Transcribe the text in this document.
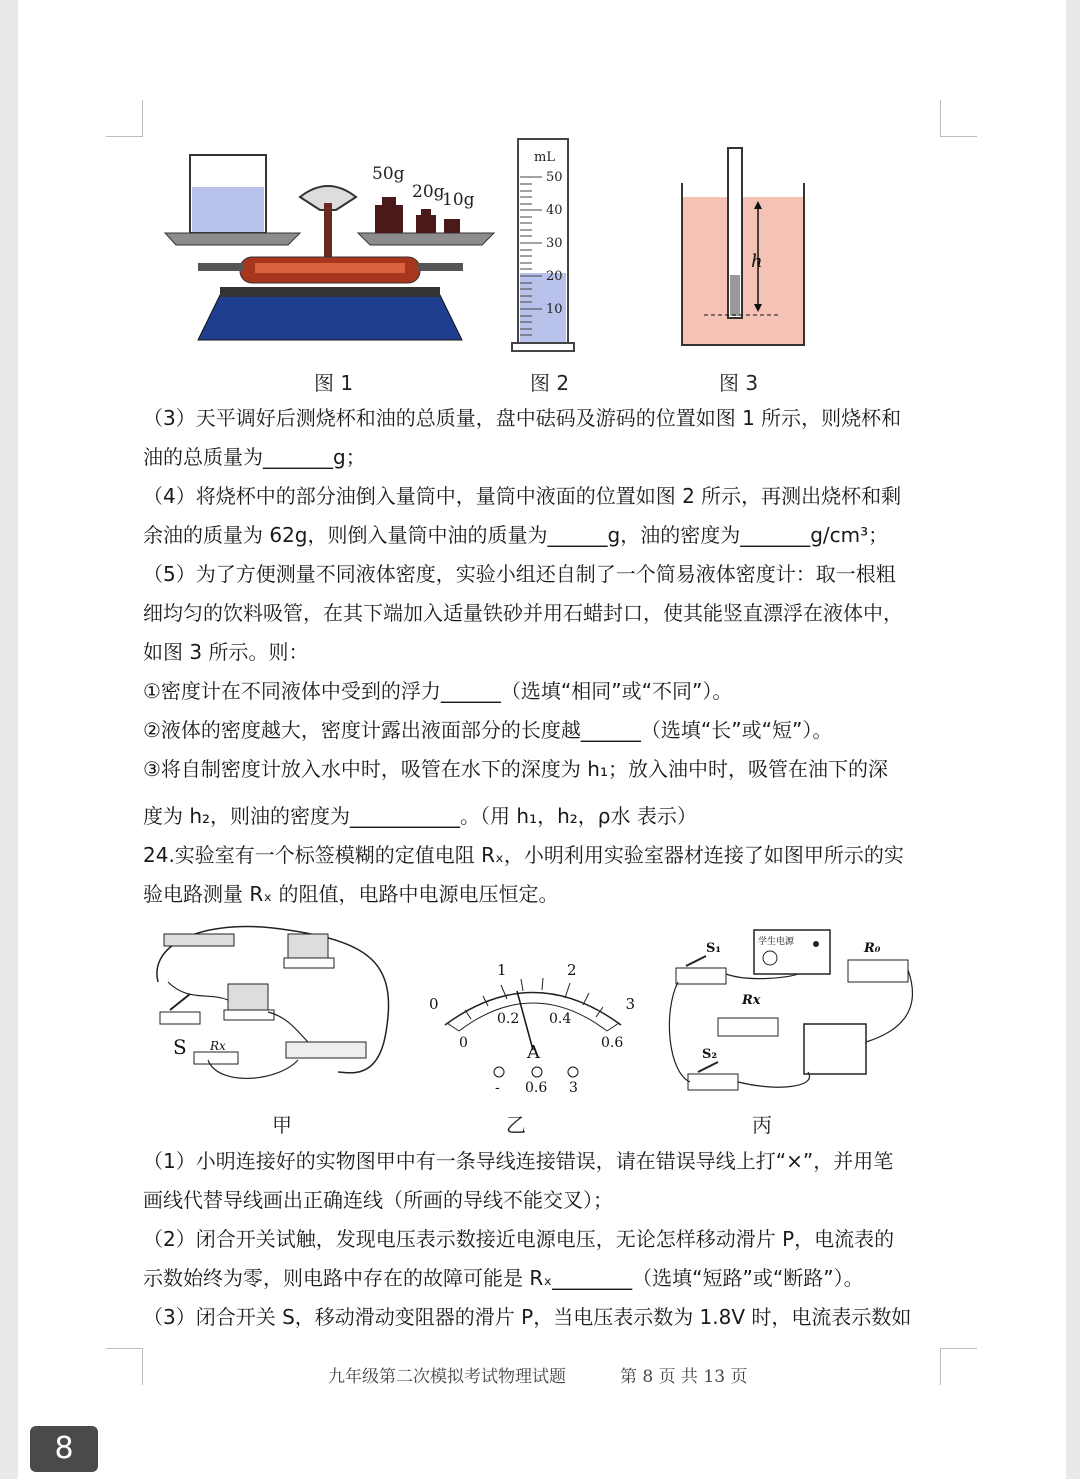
50g
20g
10g
mL
50
40
30
20
10
h
图 1	图 2	图 3
（3）天平调好后测烧杯和油的总质量，盘中砝码及游码的位置如图 1 所示，则烧杯和
油的总质量为_______g；
（4）将烧杯中的部分油倒入量筒中，量筒中液面的位置如图 2 所示，再测出烧杯和剩
余油的质量为 62g，则倒入量筒中油的质量为______g，油的密度为_______g/cm³；
（5）为了方便测量不同液体密度，实验小组还自制了一个简易液体密度计：取一根粗
细均匀的饮料吸管，在其下端加入适量铁砂并用石蜡封口，使其能竖直漂浮在液体中，
如图 3 所示。则：
①密度计在不同液体中受到的浮力______（选填“相同”或“不同”）。
②液体的密度越大，密度计露出液面部分的长度越______（选填“长”或“短”）。
③将自制密度计放入水中时，吸管在水下的深度为 h₁；放入油中时，吸管在油下的深
度为 h₂，则油的密度为___________。（用 h₁，h₂，ρ水 表示）
24.实验室有一个标签模糊的定值电阻 Rₓ，小明利用实验室器材连接了如图甲所示的实
验电路测量 Rₓ 的阻值，电路中电源电压恒定。
S Rx
0
1	2
3
0
0.2 0.4
0.6
A
- 0.6 3
S₁
S₂
Rx
R₀
学生电源
甲	乙	丙
（1）小明连接好的实物图甲中有一条导线连接错误，请在错误导线上打“×”，并用笔
画线代替导线画出正确连线（所画的导线不能交叉）；
（2）闭合开关试触，发现电压表示数接近电源电压，无论怎样移动滑片 P，电流表的
示数始终为零，则电路中存在的故障可能是 Rₓ________（选填“短路”或“断路”）。
（3）闭合开关 S，移动滑动变阻器的滑片 P，当电压表示数为 1.8V 时，电流表示数如
九年级第二次模拟考试物理试题	第 8 页 共 13 页
8
